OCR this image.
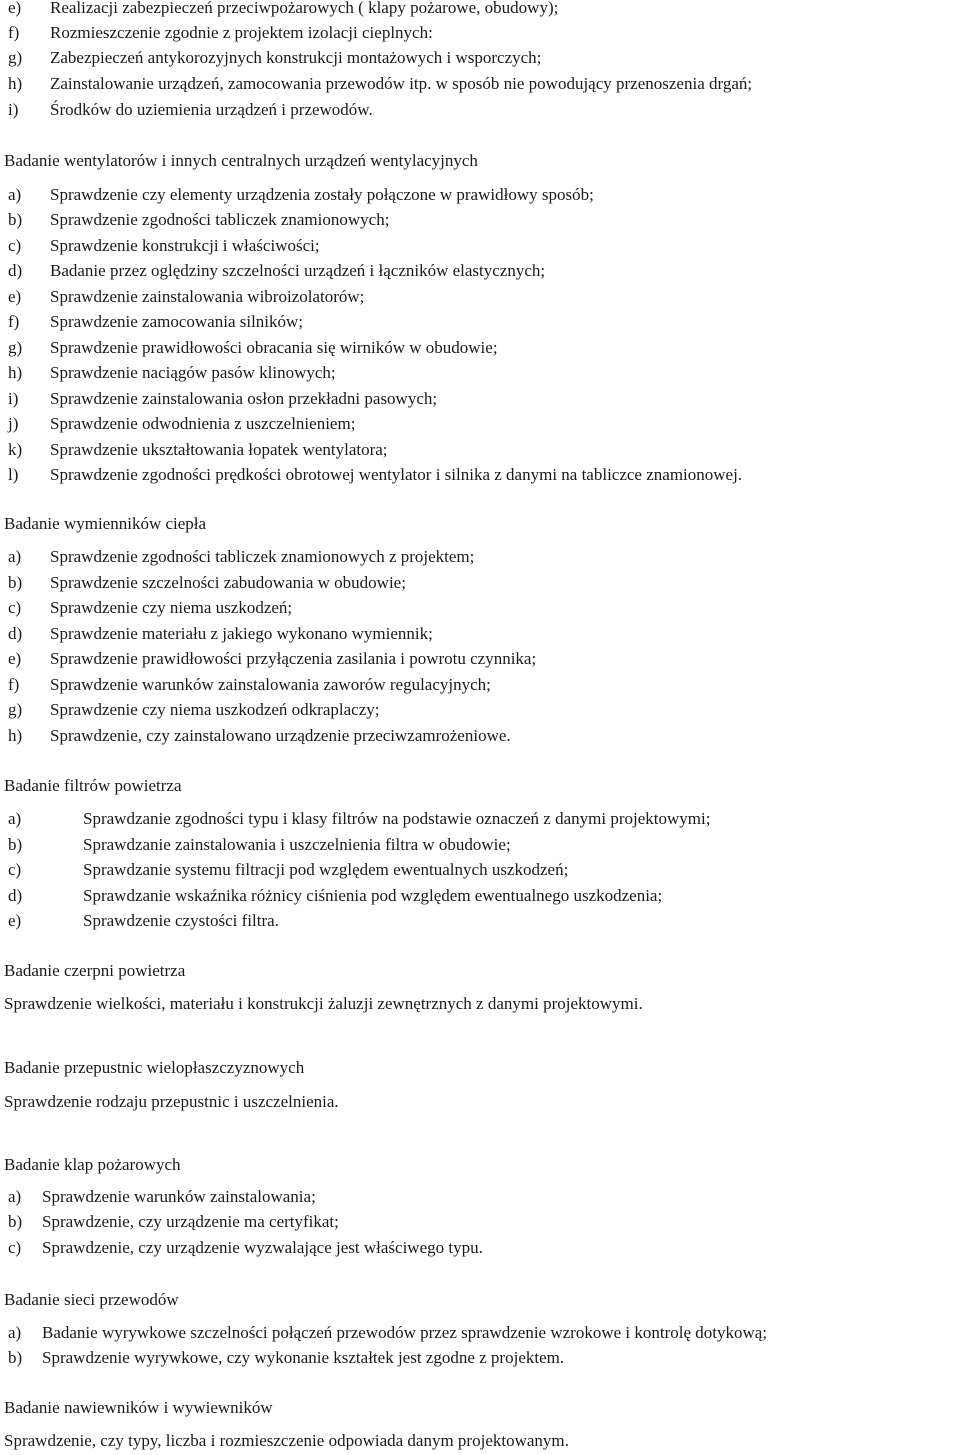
e) Realizacji zabezpieczeń przeciwpożarowych ( klapy pożarowe, obudowy);
f) Rozmieszczenie zgodnie z projektem izolacji cieplnych:
g) Zabezpieczeń antykorozyjnych konstrukcji montażowych i wsporczych;
h) Zainstalowanie urządzeń, zamocowania przewodów itp. w sposób nie powodujący przenoszenia drgań;
i) Środków do uziemienia urządzeń i przewodów.
Badanie wentylatorów i innych centralnych urządzeń wentylacyjnych
a) Sprawdzenie czy elementy urządzenia zostały połączone w prawidłowy sposób;
b) Sprawdzenie zgodności tabliczek znamionowych;
c) Sprawdzenie konstrukcji i właściwości;
d) Badanie przez oględziny szczelności urządzeń i łączników elastycznych;
e) Sprawdzenie zainstalowania wibroizolatorów;
f) Sprawdzenie zamocowania silników;
g) Sprawdzenie prawidłowości obracania się wirników w obudowie;
h) Sprawdzenie naciągów pasów klinowych;
i) Sprawdzenie zainstalowania osłon przekładni pasowych;
j) Sprawdzenie odwodnienia z uszczelnieniem;
k) Sprawdzenie ukształtowania łopatek wentylatora;
l) Sprawdzenie zgodności prędkości obrotowej wentylator i silnika z danymi na tabliczce znamionowej.
Badanie wymienników ciepła
a) Sprawdzenie zgodności tabliczek znamionowych z projektem;
b) Sprawdzenie szczelności zabudowania w obudowie;
c) Sprawdzenie czy niema uszkodzeń;
d) Sprawdzenie materiału z jakiego wykonano wymiennik;
e) Sprawdzenie prawidłowości przyłączenia zasilania i powrotu czynnika;
f) Sprawdzenie warunków zainstalowania zaworów regulacyjnych;
g) Sprawdzenie czy niema uszkodzeń odkraplaczy;
h) Sprawdzenie, czy zainstalowano urządzenie przeciwzamrożeniowe.
Badanie filtrów powietrza
a)	Sprawdzanie zgodności typu i klasy filtrów na podstawie oznaczeń z danymi projektowymi;
b)	Sprawdzanie zainstalowania i uszczelnienia filtra w obudowie;
c)	Sprawdzanie systemu filtracji pod względem ewentualnych uszkodzeń;
d)	Sprawdzanie wskaźnika różnicy ciśnienia pod względem ewentualnego uszkodzenia;
e)	Sprawdzenie czystości filtra.
Badanie czerpni powietrza
Sprawdzenie wielkości, materiału i konstrukcji żaluzji zewnętrznych z danymi projektowymi.
Badanie przepustnic wielopłaszczyznowych
Sprawdzenie rodzaju przepustnic i uszczelnienia.
Badanie klap pożarowych
a) Sprawdzenie warunków zainstalowania;
b) Sprawdzenie, czy urządzenie ma certyfikat;
c) Sprawdzenie, czy urządzenie wyzwalające jest właściwego typu.
Badanie sieci przewodów
a) Badanie wyrywkowe szczelności połączeń przewodów przez sprawdzenie wzrokowe i kontrolę dotykową;
b) Sprawdzenie wyrywkowe, czy wykonanie kształtek jest zgodne z projektem.
Badanie nawiewników i wywiewników
Sprawdzenie, czy typy, liczba i rozmieszczenie odpowiada danym projektowanym.
